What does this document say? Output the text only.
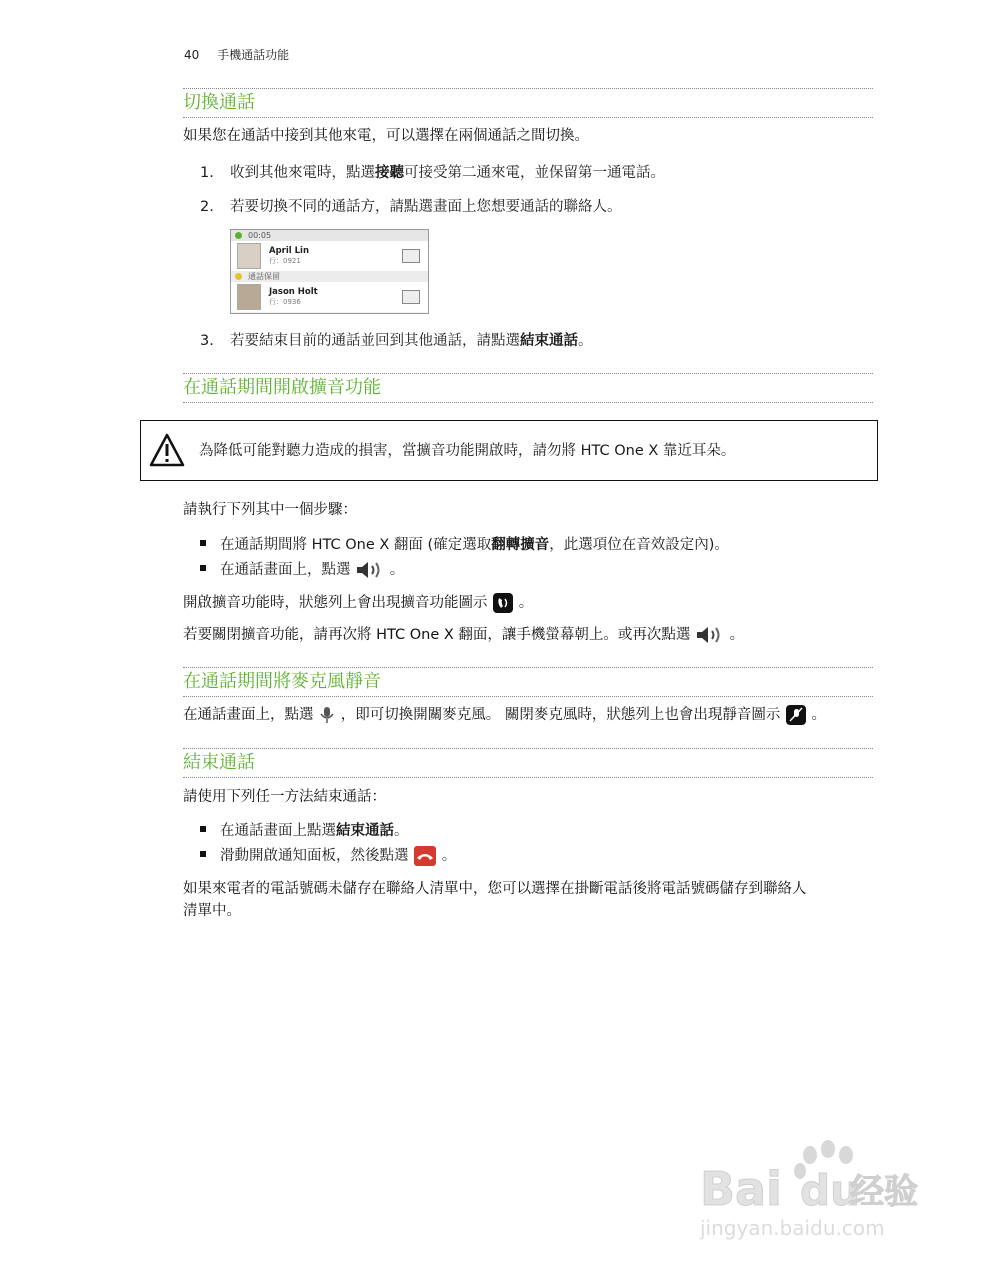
40 手機通話功能
切換通話
如果您在通話中接到其他來電，可以選擇在兩個通話之間切換。
1. 收到其他來電時，點選接聽可接受第二通來電，並保留第一通電話。
2. 若要切換不同的通話方，請點選畫面上您想要通話的聯絡人。
00:05
April Lin
行：0921
通話保留
Jason Holt
行：0936
3. 若要結束目前的通話並回到其他通話，請點選結束通話。
在通話期間開啟擴音功能
為降低可能對聽力造成的損害，當擴音功能開啟時，請勿將 HTC One X 靠近耳朵。
請執行下列其中一個步驟：
在通話期間將 HTC One X 翻面 (確定選取翻轉擴音，此選項位在音效設定內)。
在通話畫面上，點選	。
開啟擴音功能時，狀態列上會出現擴音功能圖示 。
若要關閉擴音功能，請再次將 HTC One X 翻面，讓手機螢幕朝上。或再次點選	。
在通話期間將麥克風靜音
在通話畫面上，點選 ，即可切換開關麥克風。 關閉麥克風時，狀態列上也會出現靜音圖示 。
結束通話
請使用下列任一方法結束通話：
在通話畫面上點選結束通話。
滑動開啟通知面板，然後點選 。
如果來電者的電話號碼未儲存在聯絡人清單中，您可以選擇在掛斷電話後將電話號碼儲存到聯絡人
清單中。
Bai du
经验
jingyan.baidu.com
